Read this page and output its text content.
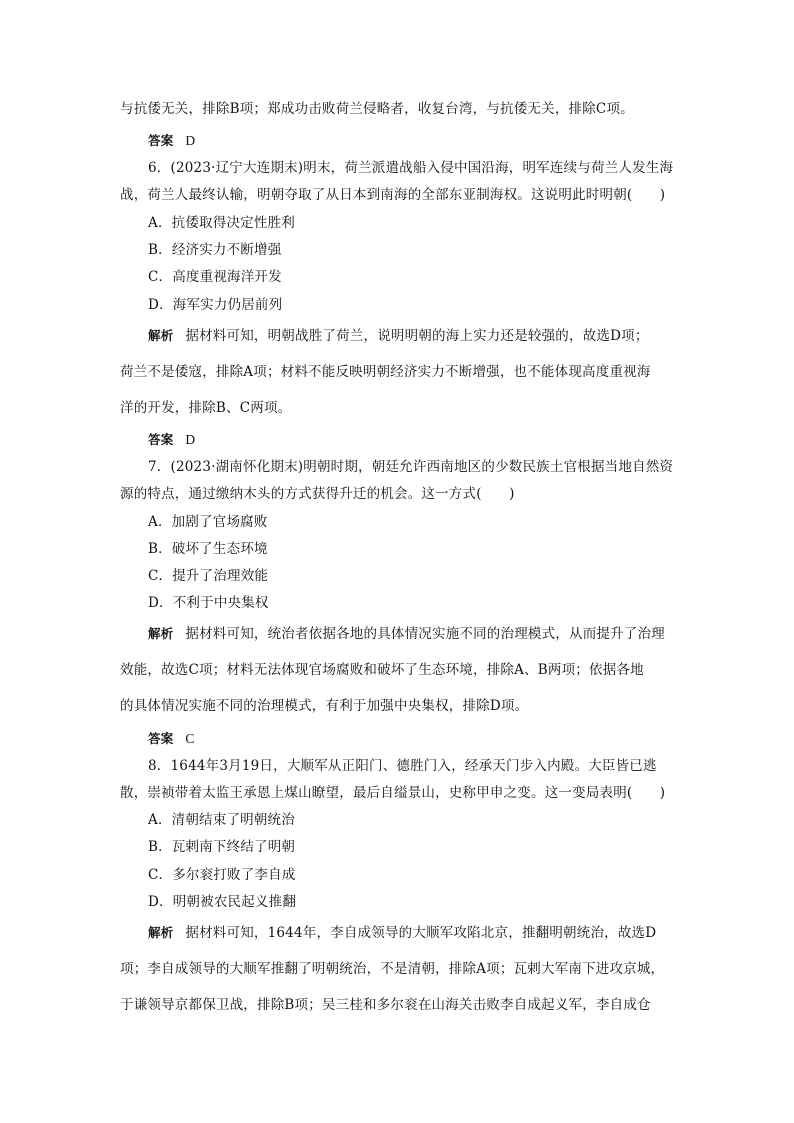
与抗倭无关，排除B项；郑成功击败荷兰侵略者，收复台湾，与抗倭无关，排除C项。
答案 D
6．(2023·辽宁大连期末)明末，荷兰派遣战船入侵中国沿海，明军连续与荷兰人发生海
战，荷兰人最终认输，明朝夺取了从日本到南海的全部东亚制海权。这说明此时明朝(　　)
A．抗倭取得决定性胜利
B．经济实力不断增强
C．高度重视海洋开发
D．海军实力仍居前列
解析 据材料可知，明朝战胜了荷兰，说明明朝的海上实力还是较强的，故选D项；
荷兰不是倭寇，排除A项；材料不能反映明朝经济实力不断增强，也不能体现高度重视海
洋的开发，排除B、C两项。
答案 D
7．(2023·湖南怀化期末)明朝时期，朝廷允许西南地区的少数民族土官根据当地自然资
源的特点，通过缴纳木头的方式获得升迁的机会。这一方式(　　)
A．加剧了官场腐败
B．破坏了生态环境
C．提升了治理效能
D．不利于中央集权
解析 据材料可知，统治者依据各地的具体情况实施不同的治理模式，从而提升了治理
效能，故选C项；材料无法体现官场腐败和破坏了生态环境，排除A、B两项；依据各地
的具体情况实施不同的治理模式，有利于加强中央集权，排除D项。
答案 C
8．1644年3月19日，大顺军从正阳门、德胜门入，经承天门步入内殿。大臣皆已逃
散，崇祯带着太监王承恩上煤山瞭望，最后自缢景山，史称甲申之变。这一变局表明(　　)
A．清朝结束了明朝统治
B．瓦剌南下终结了明朝
C．多尔衮打败了李自成
D．明朝被农民起义推翻
解析 据材料可知，1644年，李自成领导的大顺军攻陷北京，推翻明朝统治，故选D
项；李自成领导的大顺军推翻了明朝统治，不是清朝，排除A项；瓦剌大军南下进攻京城，
于谦领导京都保卫战，排除B项；吴三桂和多尔衮在山海关击败李自成起义军，李自成仓
